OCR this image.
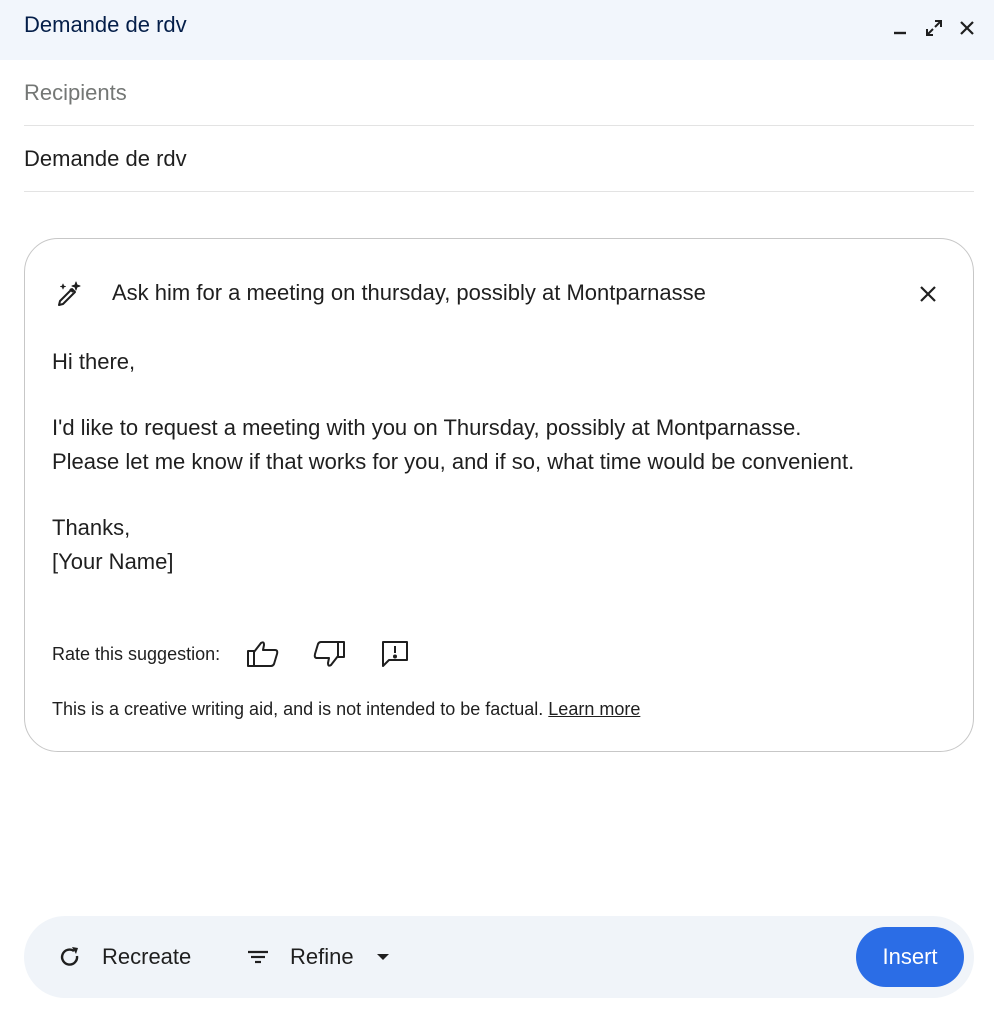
Demande de rdv
Recipients
Demande de rdv
Ask him for a meeting on thursday, possibly at Montparnasse

Hi there,

I'd like to request a meeting with you on Thursday, possibly at Montparnasse.

Please let me know if that works for you, and if so, what time would be convenient.

Thanks,

[Your Name]

Rate this suggestion:
This is a creative writing aid, and is not intended to be factual. Learn more
Recreate	Refine	Insert
